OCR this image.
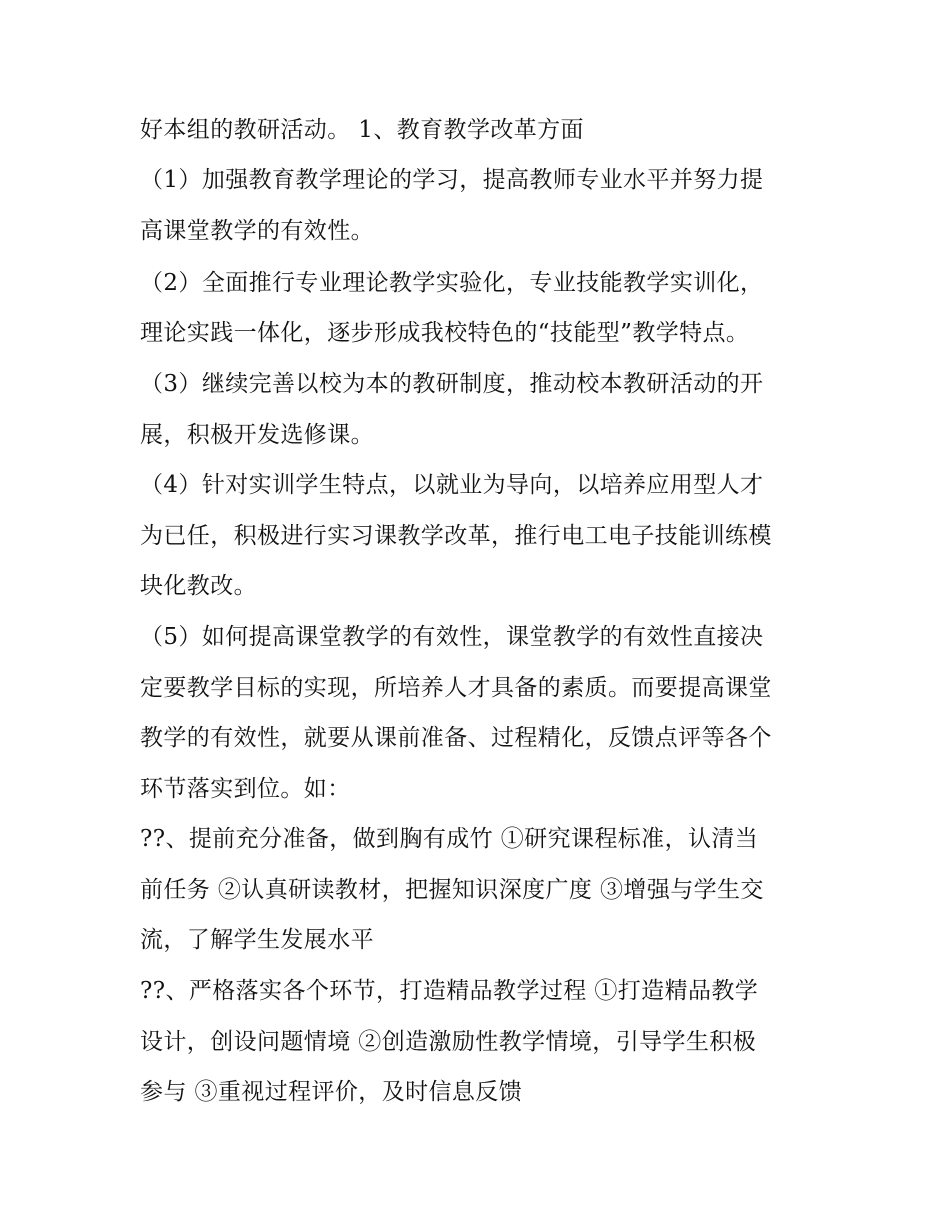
好本组的教研活动。 1、教育教学改革方面
（1）加强教育教学理论的学习，提高教师专业水平并努力提
高课堂教学的有效性。
（2）全面推行专业理论教学实验化，专业技能教学实训化，
理论实践一体化，逐步形成我校特色的“技能型”教学特点。
（3）继续完善以校为本的教研制度，推动校本教研活动的开
展，积极开发选修课。
（4）针对实训学生特点，以就业为导向，以培养应用型人才
为已任，积极进行实习课教学改革，推行电工电子技能训练模
块化教改。
（5）如何提高课堂教学的有效性，课堂教学的有效性直接决
定要教学目标的实现，所培养人才具备的素质。而要提高课堂
教学的有效性，就要从课前准备、过程精化，反馈点评等各个
环节落实到位。如：
??、提前充分准备，做到胸有成竹 ①研究课程标准，认清当
前任务 ②认真研读教材，把握知识深度广度 ③增强与学生交
流，了解学生发展水平
??、严格落实各个环节，打造精品教学过程 ①打造精品教学
设计，创设问题情境 ②创造激励性教学情境，引导学生积极
参与 ③重视过程评价，及时信息反馈
